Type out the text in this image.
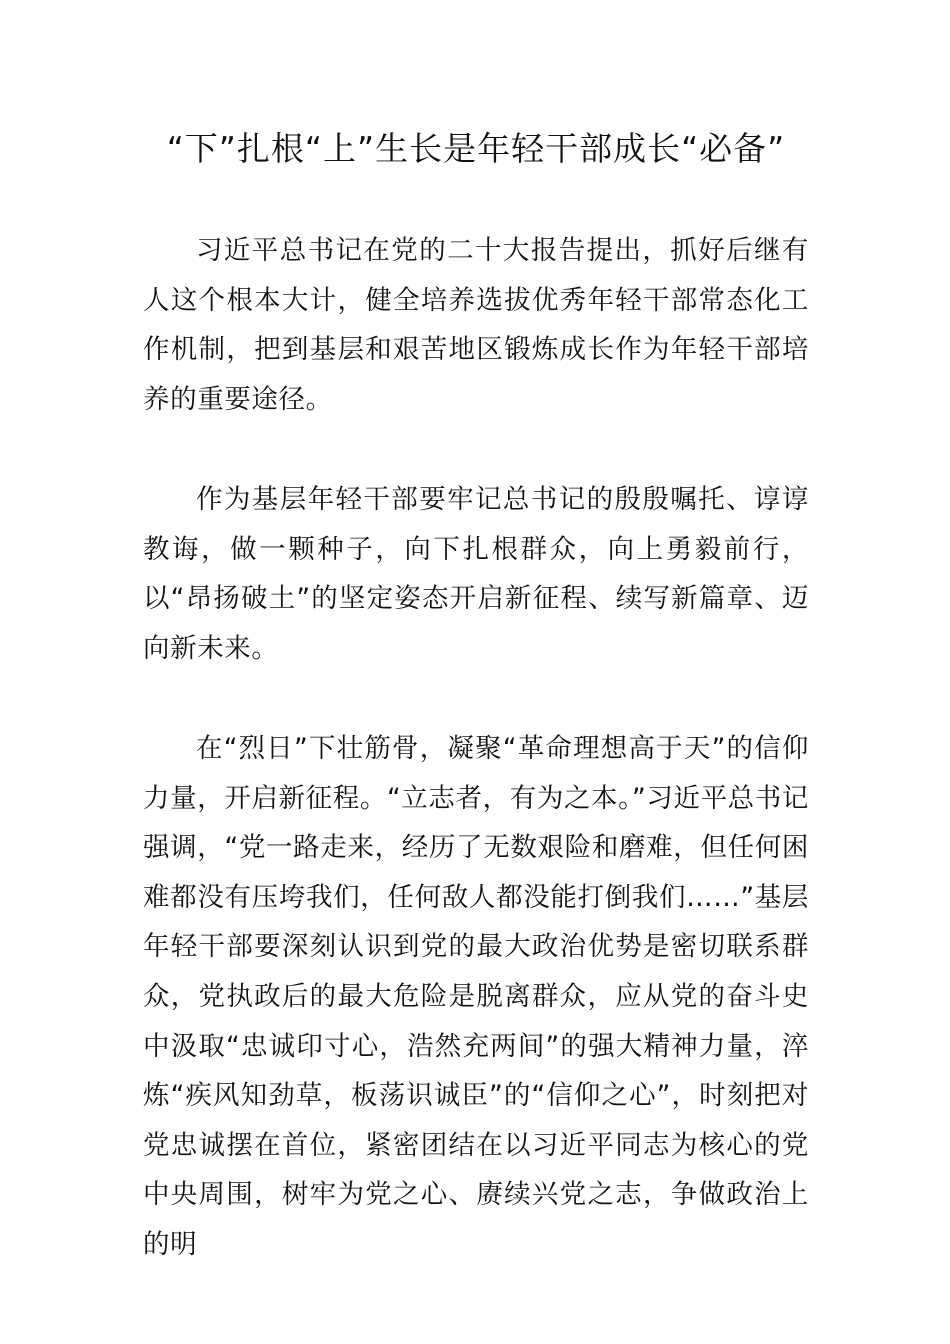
“下”扎根“上”生长是年轻干部成长“必备”

习近平总书记在党的二十大报告提出，抓好后继有人这个根本大计，健全培养选拔优秀年轻干部常态化工作机制，把到基层和艰苦地区锻炼成长作为年轻干部培养的重要途径。

作为基层年轻干部要牢记总书记的殷殷嘱托、谆谆教诲，做一颗种子，向下扎根群众，向上勇毅前行，以“昂扬破土”的坚定姿态开启新征程、续写新篇章、迈向新未来。

在“烈日”下壮筋骨，凝聚“革命理想高于天”的信仰力量，开启新征程。“立志者，有为之本。”习近平总书记强调，“党一路走来，经历了无数艰险和磨难，但任何困难都没有压垮我们，任何敌人都没能打倒我们……”基层年轻干部要深刻认识到党的最大政治优势是密切联系群众，党执政后的最大危险是脱离群众，应从党的奋斗史中汲取“忠诚印寸心，浩然充两间”的强大精神力量，淬炼“疾风知劲草，板荡识诚臣”的“信仰之心”，时刻把对党忠诚摆在首位，紧密团结在以习近平同志为核心的党中央周围，树牢为党之心、赓续兴党之志，争做政治上的明
